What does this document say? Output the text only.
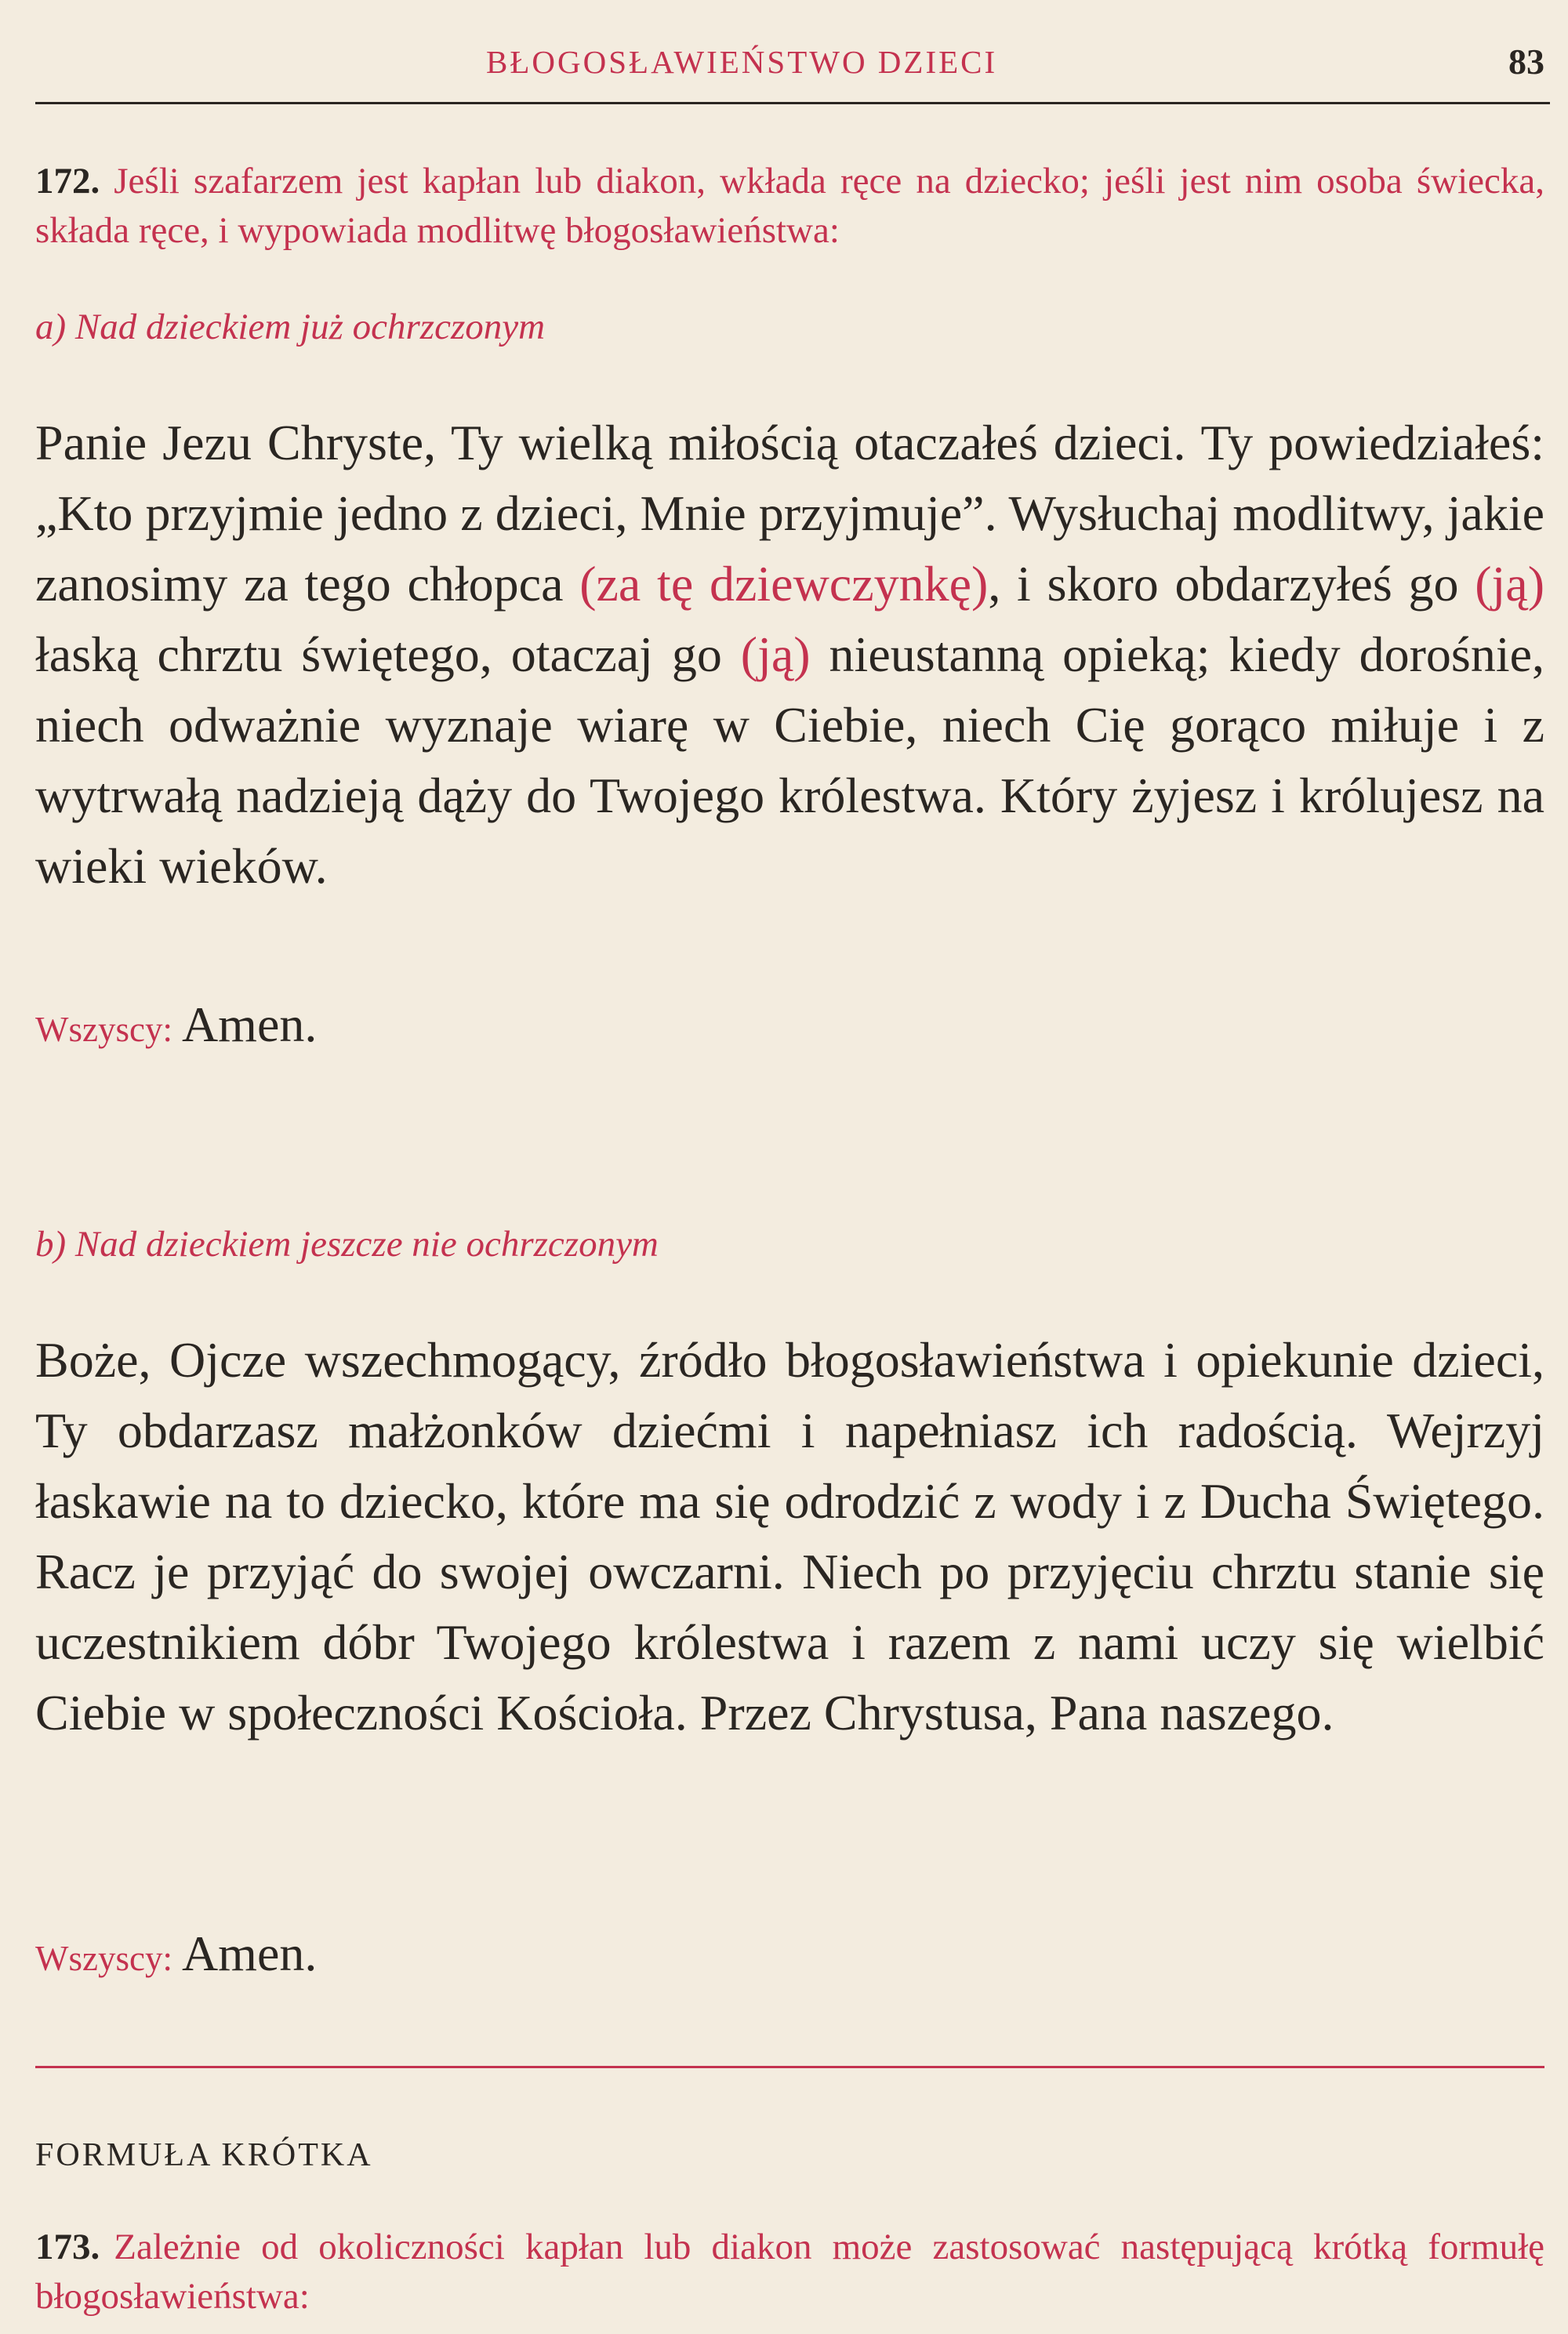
BŁOGOSŁAWIEŃSTWO DZIECI	83
172. Jeśli szafarzem jest kapłan lub diakon, wkłada ręce na dziecko; jeśli jest nim osoba świecka, składa ręce, i wypowiada modlitwę błogosławieństwa:
a) Nad dzieckiem już ochrzczonym
Panie Jezu Chryste, Ty wielką miłością otaczałeś dzieci. Ty powiedziałeś: „Kto przyjmie jedno z dzieci, Mnie przyjmuje”. Wysłuchaj modlitwy, jakie zanosimy za tego chłopca (za tę dziewczynkę), i skoro obdarzyłeś go (ją) łaską chrztu świętego, otaczaj go (ją) nieustanną opieką; kiedy dorośnie, niech odważnie wyznaje wiarę w Ciebie, niech Cię gorąco miłuje i z wytrwałą nadzieją dąży do Twojego królestwa. Który żyjesz i królujesz na wieki wieków.
Wszyscy: Amen.
b) Nad dzieckiem jeszcze nie ochrzczonym
Boże, Ojcze wszechmogący, źródło błogosławieństwa i opiekunie dzieci, Ty obdarzasz małżonków dziećmi i napełniasz ich radością. Wejrzyj łaskawie na to dziecko, które ma się odrodzić z wody i z Ducha Świętego. Racz je przyjąć do swojej owczarni. Niech po przyjęciu chrztu stanie się uczestnikiem dóbr Twojego królestwa i razem z nami uczy się wielbić Ciebie w społeczności Kościoła. Przez Chrystusa, Pana naszego.
Wszyscy: Amen.
FORMUŁA KRÓTKA
173. Zależnie od okoliczności kapłan lub diakon może zastosować następującą krótką formułę błogosławieństwa:
